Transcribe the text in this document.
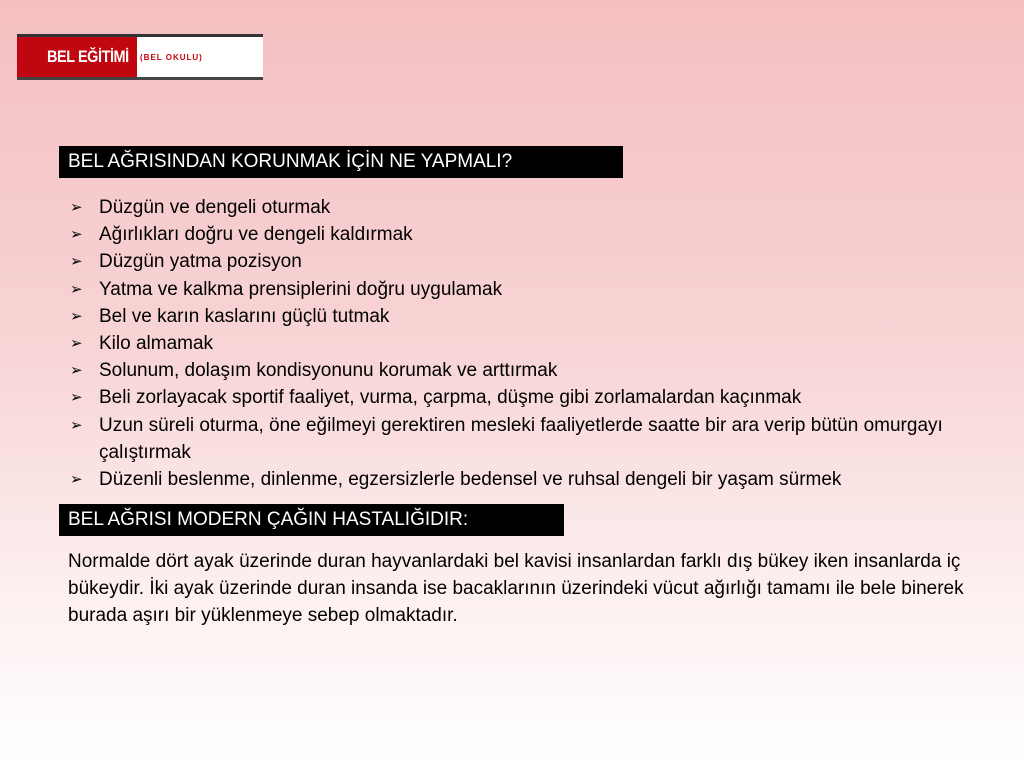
BEL EĞİTİMİ (BEL OKULU)
BEL AĞRISINDAN KORUNMAK İÇİN NE YAPMALI?
➢ Düzgün ve dengeli oturmak
➢ Ağırlıkları doğru ve dengeli kaldırmak
➢ Düzgün yatma pozisyon
➢ Yatma ve kalkma prensiplerini doğru uygulamak
➢ Bel ve karın kaslarını güçlü tutmak
➢ Kilo almamak
➢ Solunum, dolaşım kondisyonunu korumak ve arttırmak
➢ Beli zorlayacak sportif faaliyet, vurma, çarpma, düşme gibi zorlamalardan kaçınmak
➢ Uzun süreli oturma, öne eğilmeyi gerektiren mesleki faaliyetlerde saatte bir ara verip bütün omurgayı çalıştırmak
➢ Düzenli beslenme, dinlenme, egzersizlerle bedensel ve ruhsal dengeli bir yaşam sürmek
BEL AĞRISI MODERN ÇAĞIN HASTALIĞIDIR:

Normalde dört ayak üzerinde duran hayvanlardaki bel kavisi insanlardan farklı dış bükey iken insanlarda iç bükeydir. İki ayak üzerinde duran insanda ise bacaklarının üzerindeki vücut ağırlığı tamamı ile bele binerek burada aşırı bir yüklenmeye sebep olmaktadır.
